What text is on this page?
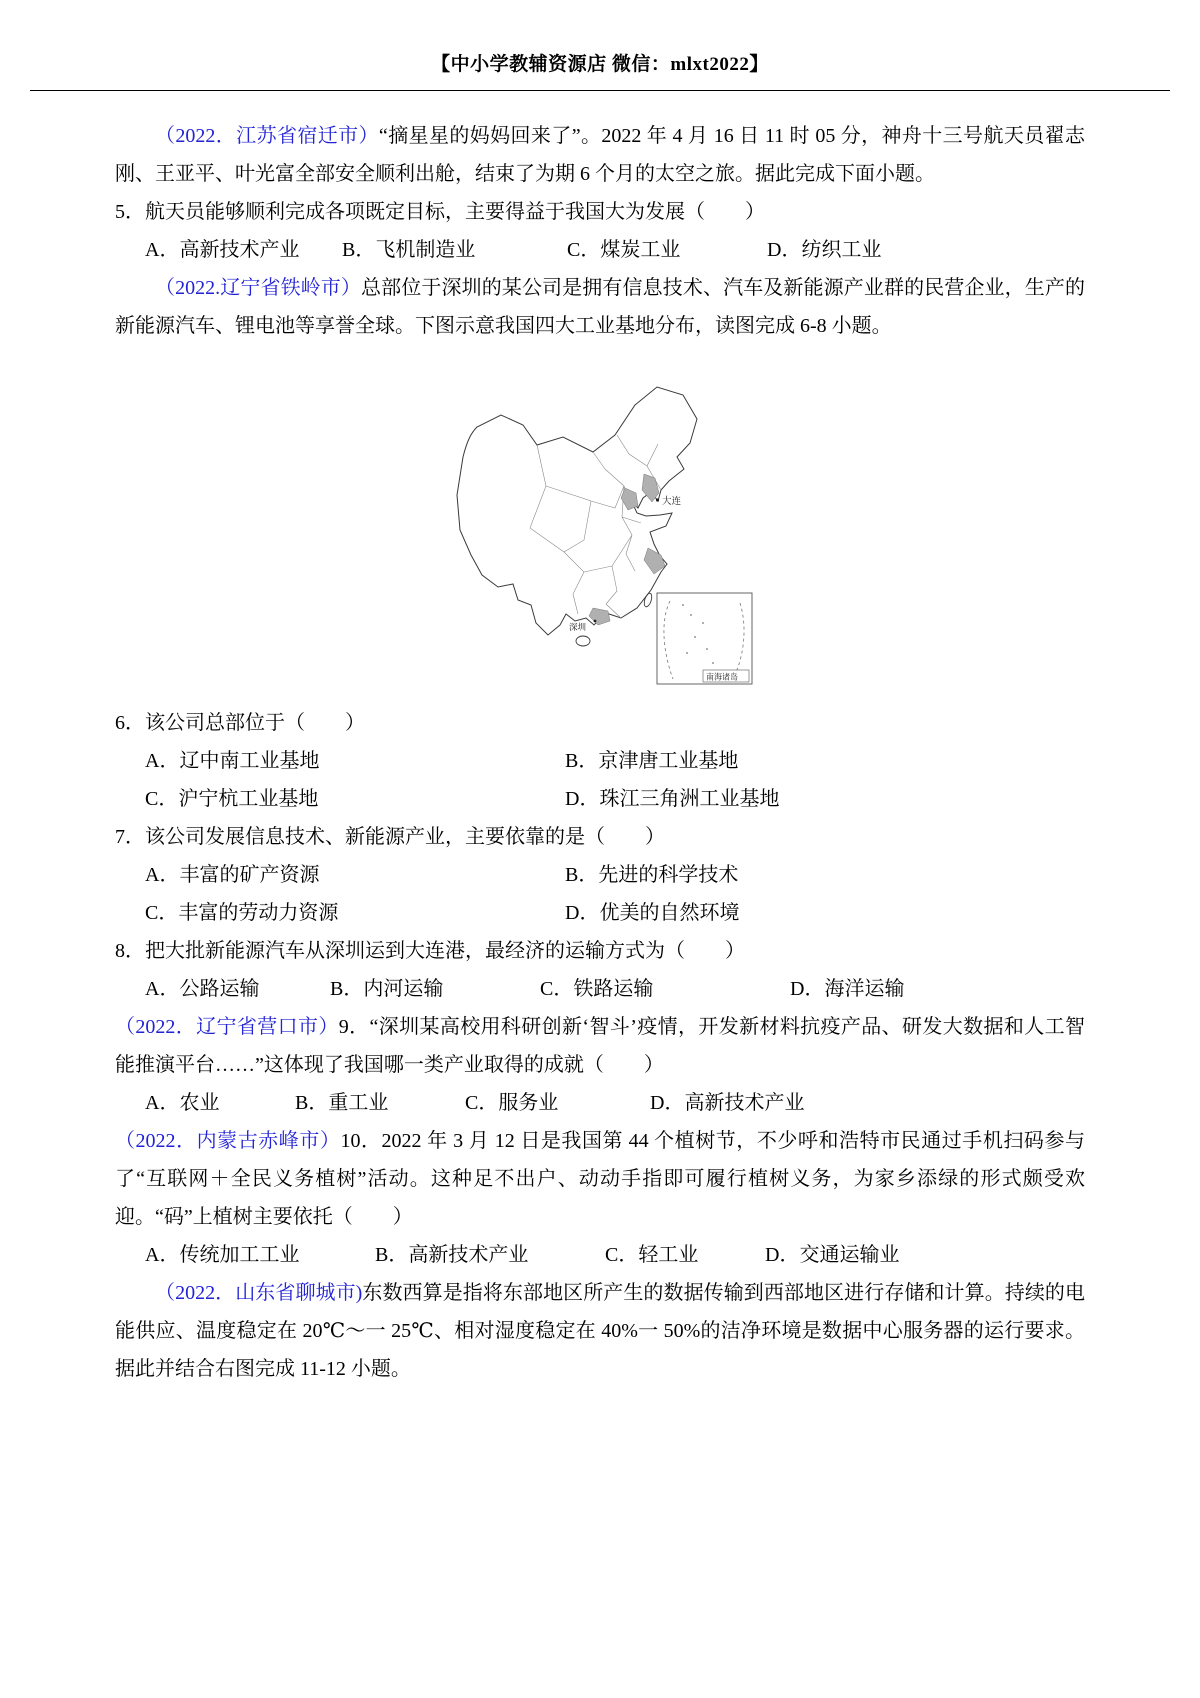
【中小学教辅资源店 微信：mlxt2022】

（2022．江苏省宿迁市）“摘星星的妈妈回来了”。2022 年 4 月 16 日 11 时 05 分，神舟十三号航天员翟志刚、王亚平、叶光富全部安全顺利出舱，结束了为期 6 个月的太空之旅。据此完成下面小题。

5．航天员能够顺利完成各项既定目标，主要得益于我国大为发展（　　）

A．高新技术产业	B．飞机制造业	C．煤炭工业	D．纺织工业

（2022.辽宁省铁岭市）总部位于深圳的某公司是拥有信息技术、汽车及新能源产业群的民营企业，生产的新能源汽车、锂电池等享誉全球。下图示意我国四大工业基地分布，读图完成 6-8 小题。

大连
深圳
南海诸岛

6．该公司总部位于（　　）

A．辽中南工业基地	B．京津唐工业基地
C．沪宁杭工业基地	D．珠江三角洲工业基地

7．该公司发展信息技术、新能源产业，主要依靠的是（　　）

A．丰富的矿产资源	B．先进的科学技术
C．丰富的劳动力资源	D．优美的自然环境

8．把大批新能源汽车从深圳运到大连港，最经济的运输方式为（　　）

A．公路运输	B．内河运输	C．铁路运输	D．海洋运输

（2022．辽宁省营口市）9．“深圳某高校用科研创新‘智斗’疫情，开发新材料抗疫产品、研发大数据和人工智能推演平台……”这体现了我国哪一类产业取得的成就（　　）

A．农业	B．重工业	C．服务业	D．高新技术产业

（2022．内蒙古赤峰市）10．2022 年 3 月 12 日是我国第 44 个植树节，不少呼和浩特市民通过手机扫码参与了“互联网＋全民义务植树”活动。这种足不出户、动动手指即可履行植树义务，为家乡添绿的形式颇受欢迎。“码”上植树主要依托（　　）

A．传统加工工业	B．高新技术产业	C．轻工业	D．交通运输业

（2022．山东省聊城市)东数西算是指将东部地区所产生的数据传输到西部地区进行存储和计算。持续的电能供应、温度稳定在 20℃～一 25℃、相对湿度稳定在 40%一 50%的洁净环境是数据中心服务器的运行要求。据此并结合右图完成 11-12 小题。
